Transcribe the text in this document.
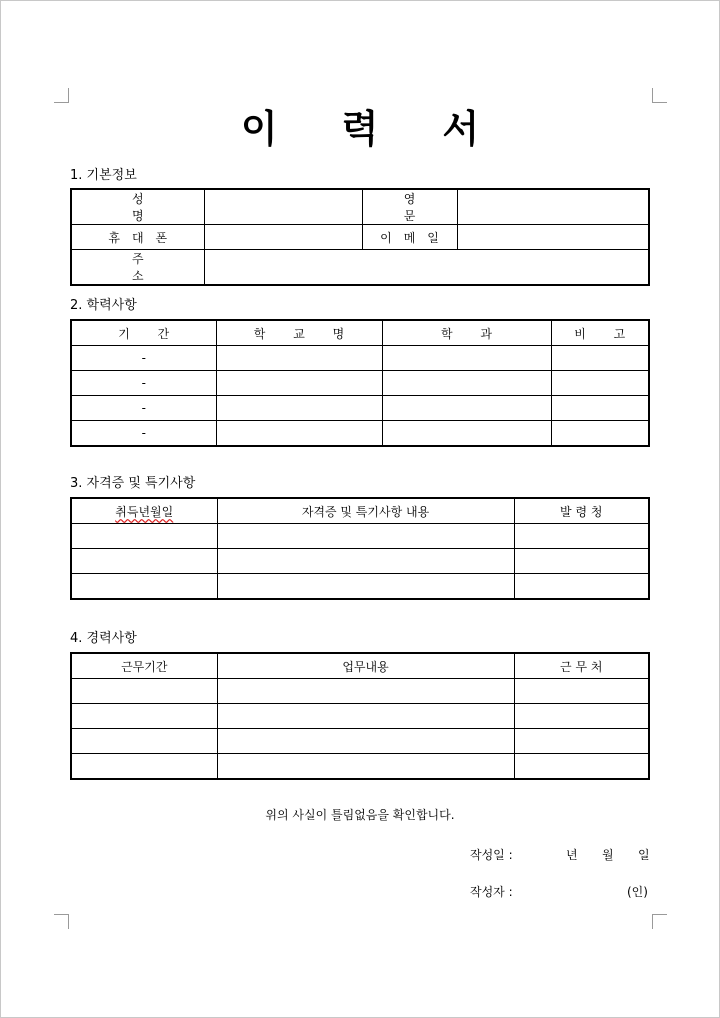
이 력 서
1. 기본정보
성 명		영 문	
휴대폰		이메일	
주 소			
2. 학력사항
기 간	학 교 명	학 과	비 고
-			
-			
-			
-			
3. 자격증 및 특기사항
취득년월일	자격증 및 특기사항 내용	발 령 청

4. 경력사항
근무기간	업무내용	근 무 처

위의 사실이 틀림없음을 확인합니다.
작성일 :	년 월 일
작성자 :	(인)
